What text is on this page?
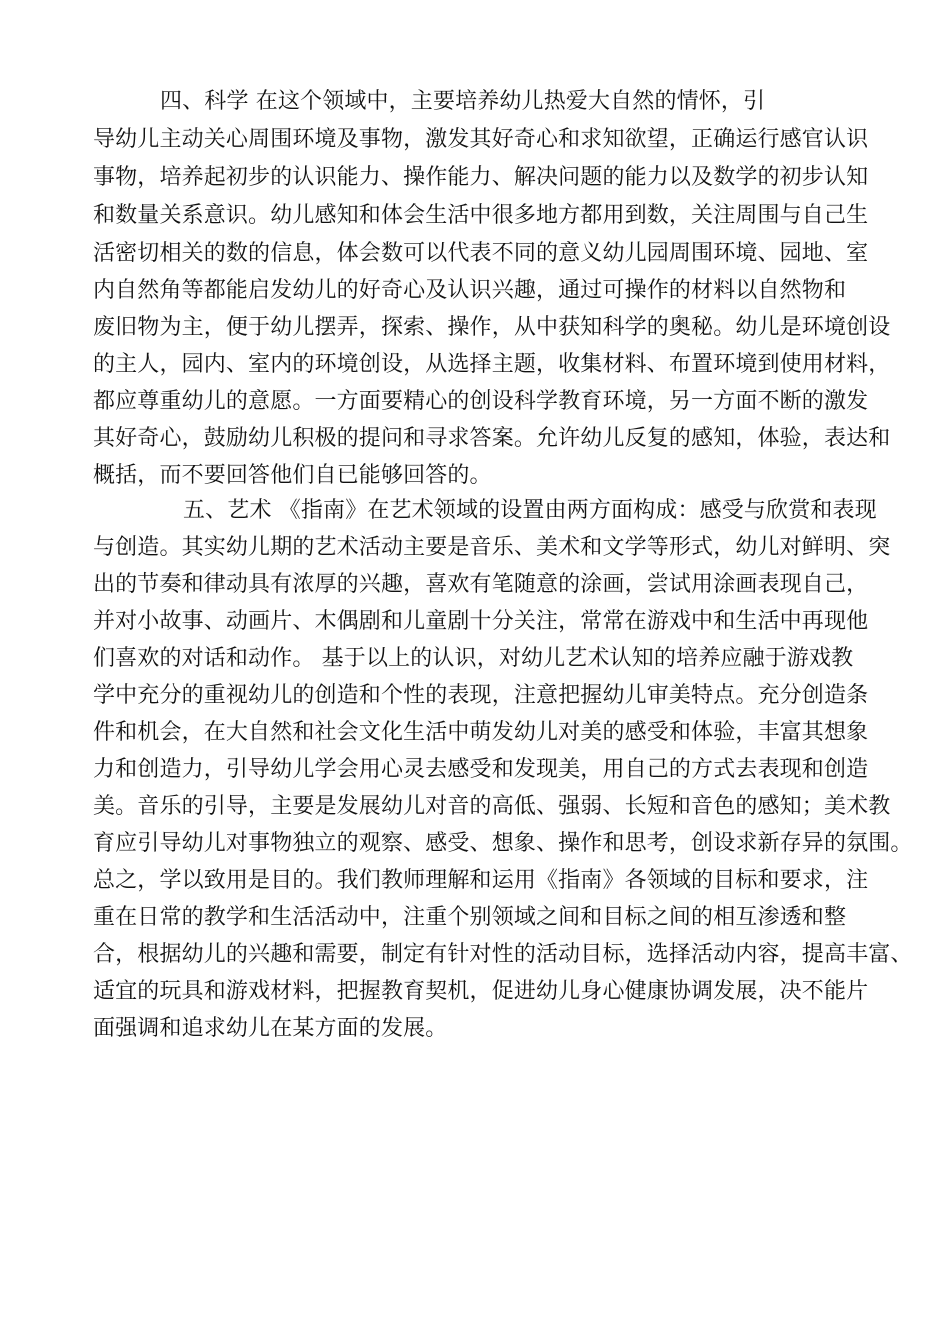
四、科学 在这个领域中，主要培养幼儿热爱大自然的情怀，引
导幼儿主动关心周围环境及事物，激发其好奇心和求知欲望，正确运行感官认识
事物，培养起初步的认识能力、操作能力、解决问题的能力以及数学的初步认知
和数量关系意识。幼儿感知和体会生活中很多地方都用到数，关注周围与自己生
活密切相关的数的信息，体会数可以代表不同的意义幼儿园周围环境、园地、室
内自然角等都能启发幼儿的好奇心及认识兴趣，通过可操作的材料以自然物和
废旧物为主，便于幼儿摆弄，探索、操作，从中获知科学的奥秘。幼儿是环境创设
的主人，园内、室内的环境创设，从选择主题，收集材料、布置环境到使用材料，
都应尊重幼儿的意愿。一方面要精心的创设科学教育环境，另一方面不断的激发
其好奇心，鼓励幼儿积极的提问和寻求答案。允许幼儿反复的感知，体验，表达和
概括，而不要回答他们自已能够回答的。
五、艺术 《指南》在艺术领域的设置由两方面构成：感受与欣赏和表现
与创造。其实幼儿期的艺术活动主要是音乐、美术和文学等形式，幼儿对鲜明、突
出的节奏和律动具有浓厚的兴趣，喜欢有笔随意的涂画，尝试用涂画表现自己，
并对小故事、动画片、木偶剧和儿童剧十分关注，常常在游戏中和生活中再现他
们喜欢的对话和动作。 基于以上的认识，对幼儿艺术认知的培养应融于游戏教
学中充分的重视幼儿的创造和个性的表现，注意把握幼儿审美特点。充分创造条
件和机会，在大自然和社会文化生活中萌发幼儿对美的感受和体验，丰富其想象
力和创造力，引导幼儿学会用心灵去感受和发现美，用自己的方式去表现和创造
美。音乐的引导，主要是发展幼儿对音的高低、强弱、长短和音色的感知；美术教
育应引导幼儿对事物独立的观察、感受、想象、操作和思考，创设求新存异的氛围。
总之，学以致用是目的。我们教师理解和运用《指南》各领域的目标和要求，注
重在日常的教学和生活活动中，注重个别领域之间和目标之间的相互渗透和整
合，根据幼儿的兴趣和需要，制定有针对性的活动目标，选择活动内容，提高丰富、
适宜的玩具和游戏材料，把握教育契机，促进幼儿身心健康协调发展，决不能片
面强调和追求幼儿在某方面的发展。
